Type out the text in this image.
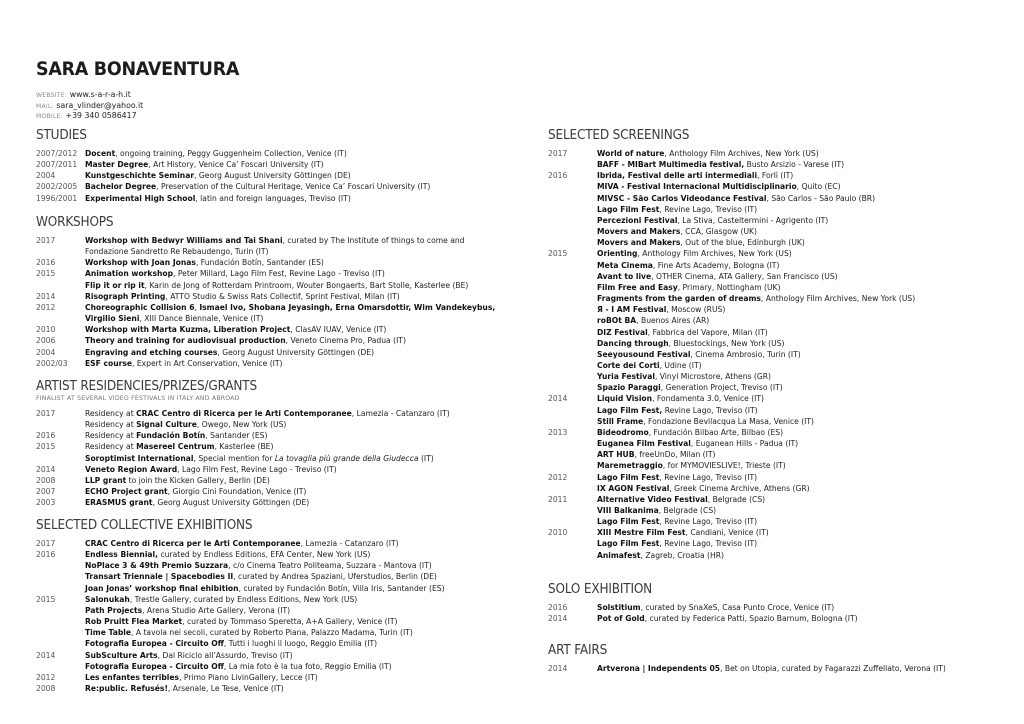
SARA BONAVENTURA
WEBSITE: www.s-a-r-a-h.it
MAIL: sara_vlinder@yahoo.it
MOBILE: +39 340 0586417
STUDIES
2007/2012	Docent, ongoing training, Peggy Guggenheim Collection, Venice (IT)
2007/2011	Master Degree, Art History, Venice Ca’ Foscari University (IT)
2004	Kunstgeschichte Seminar, Georg August University Göttingen (DE)
2002/2005	Bachelor Degree, Preservation of the Cultural Heritage, Venice Ca’ Foscari University (IT)
1996/2001	Experimental High School, latin and foreign languages, Treviso (IT)
WORKSHOPS
2017	Workshop with Bedwyr Williams and Tai Shani, curated by The Institute of things to come and
Fondazione Sandretto Re Rebaudengo, Turin (IT)
2016	Workshop with Joan Jonas, Fundación Botín, Santander (ES)
2015	Animation workshop, Peter Millard, Lago Film Fest, Revine Lago - Treviso (IT)
Flip it or rip it, Karin de Jong of Rotterdam Printroom, Wouter Bongaerts, Bart Stolle, Kasterlee (BE)
2014	Risograph Printing, ATTO Studio & Swiss Rats Collectif, Sprint Festival, Milan (IT)
2012	Choreographic Collision 6, Ismael Ivo, Shobana Jeyasingh, Erna Omarsdottir, Wim Vandekeybus,
Virgilio Sieni, XIII Dance Biennale, Venice (IT)
2010	Workshop with Marta Kuzma, Liberation Project, ClasAV IUAV, Venice (IT)
2006	Theory and training for audiovisual production, Veneto Cinema Pro, Padua (IT)
2004	Engraving and etching courses, Georg August University Göttingen (DE)
2002/03	ESF course, Expert in Art Conservation, Venice (IT)
ARTIST RESIDENCIES/PRIZES/GRANTS
FINALIST AT SEVERAL VIDEO FESTIVALS IN ITALY AND ABROAD
2017	Residency at CRAC Centro di Ricerca per le Arti Contemporanee, Lamezia - Catanzaro (IT)
Residency at Signal Culture, Owego, New York (US)
2016	Residency at Fundación Botín, Santander (ES)
2015	Residency at Masereel Centrum, Kasterlee (BE)
Soroptimist International, Special mention for La tovaglia più grande della Giudecca (IT)
2014	Veneto Region Award, Lago Film Fest, Revine Lago - Treviso (IT)
2008	LLP grant to join the Kicken Gallery, Berlin (DE)
2007	ECHO Project grant, Giorgio Cini Foundation, Venice (IT)
2003	ERASMUS grant, Georg August University Göttingen (DE)
SELECTED COLLECTIVE EXHIBITIONS
2017	CRAC Centro di Ricerca per le Arti Contemporanee, Lamezia - Catanzaro (IT)
2016	Endless Biennial, curated by Endless Editions, EFA Center, New York (US)
NoPlace 3 & 49th Premio Suzzara, c/o Cinema Teatro Politeama, Suzzara - Mantova (IT)
Transart Triennale | Spacebodies II, curated by Andrea Spaziani, Uferstudios, Berlin (DE)
Joan Jonas’ workshop final ehibition, curated by Fundación Botín, Villa Iris, Santander (ES)
2015	Salonukah, Trestle Gallery, curated by Endless Editions, New York (US)
Path Projects, Arena Studio Arte Gallery, Verona (IT)
Rob Pruitt Flea Market, curated by Tommaso Speretta, A+A Gallery, Venice (IT)
Time Table, A tavola nei secoli, curated by Roberto Piana, Palazzo Madama, Turin (IT)
Fotografia Europea - Circuito Off, Tutti i luoghi il luogo, Reggio Emilia (IT)
2014	SubSculture Arts, Dal Riciclo all’Assurdo, Treviso (IT)
Fotografia Europea - Circuito Off, La mia foto è la tua foto, Reggio Emilia (IT)
2012	Les enfantes terribles, Primo Piano LivinGallery, Lecce (IT)
2008	Re:public. Refusés!, Arsenale, Le Tese, Venice (IT)
SELECTED SCREENINGS
2017	World of nature, Anthology Film Archives, New York (US)
BAFF - MIBart Multimedia festival, Busto Arsizio - Varese (IT)
2016	Ibrida, Festival delle arti intermediali, Forlì (IT)
MIVA - Festival Internacional Multidisciplinario, Quito (EC)
MIVSC - São Carlos Videodance Festival, São Carlos - São Paulo (BR)
Lago Film Fest, Revine Lago, Treviso (IT)
Percezioni Festival, La Stiva, Casteltermini - Agrigento (IT)
Movers and Makers, CCA, Glasgow (UK)
Movers and Makers, Out of the blue, Edinburgh (UK)
2015	Orienting, Anthology Film Archives, New York (US)
Meta Cinema, Fine Arts Academy, Bologna (IT)
Avant to live, OTHER Cinema, ATA Gallery, San Francisco (US)
Film Free and Easy, Primary, Nottingham (UK)
Fragments from the garden of dreams, Anthology Film Archives, New York (US)
Я - I AM Festival, Moscow (RUS)
roBOt BA, Buenos Aires (AR)
DIZ Festival, Fabbrica del Vapore, Milan (IT)
Dancing through, Bluestockings, New York (US)
Seeyousound Festival, Cinema Ambrosio, Turin (IT)
Corte dei Corti, Udine (IT)
Yuria Festival, Vinyl Microstore, Athens (GR)
Spazio Paraggi, Generation Project, Treviso (IT)
2014	Liquid Vision, Fondamenta 3.0, Venice (IT)
Lago Film Fest, Revine Lago, Treviso (IT)
Still Frame, Fondazione Bevilacqua La Masa, Venice (IT)
2013	Bideodromo, Fundación Bilbao Arte, Bilbao (ES)
Euganea Film Festival, Euganean Hills - Padua (IT)
ART HUB, freeUnDo, Milan (IT)
Maremetraggio, for MYMOVIESLIVE!, Trieste (IT)
2012	Lago Film Fest, Revine Lago, Treviso (IT)
IX AGON Festival, Greek Cinema Archive, Athens (GR)
2011	Alternative Video Festival, Belgrade (CS)
VIII Balkanima, Belgrade (CS)
Lago Film Fest, Revine Lago, Treviso (IT)
2010	XIII Mestre Film Fest, Candiani, Venice (IT)
Lago Film Fest, Revine Lago, Treviso (IT)
Animafest, Zagreb, Croatia (HR)
SOLO EXHIBITION
2016	Solstitium, curated by SnaXeS, Casa Punto Croce, Venice (IT)
2014	Pot of Gold, curated by Federica Patti, Spazio Barnum, Bologna (IT)
ART FAIRS
2014	Artverona | Independents 05, Bet on Utopia, curated by Fagarazzi Zuffellato, Verona (IT)
